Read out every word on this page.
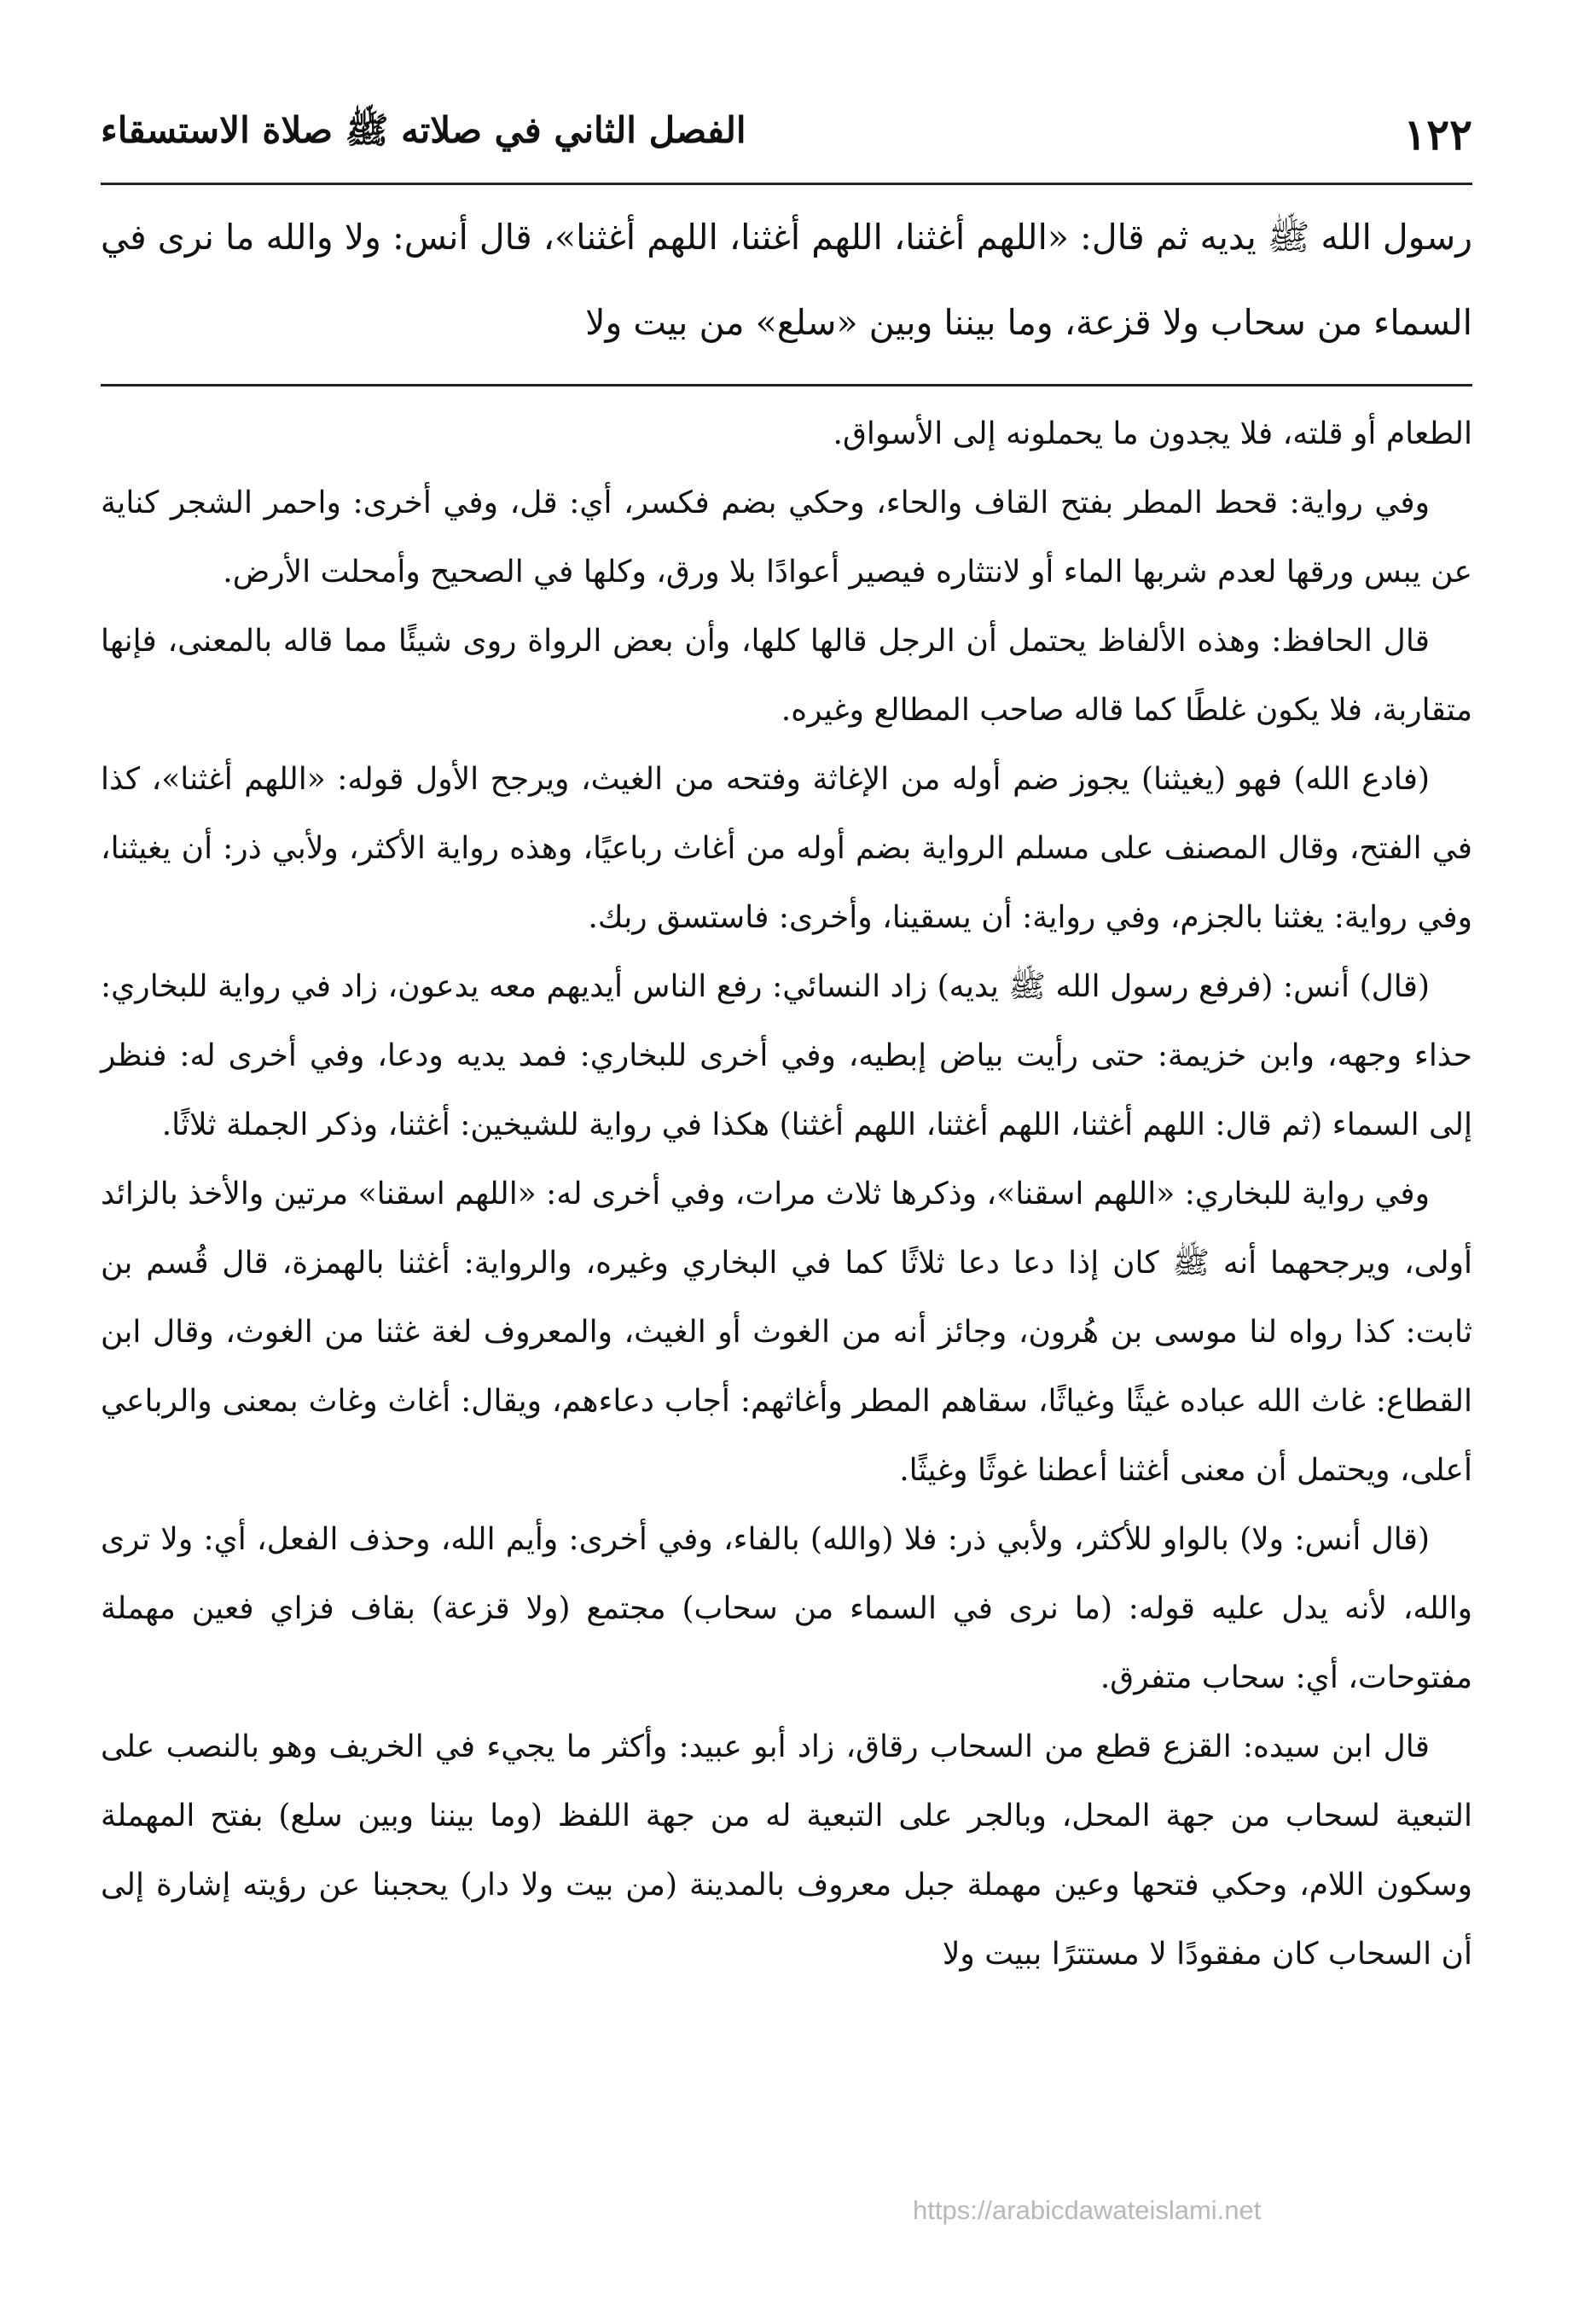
١٢٢
الفصل الثاني في صلاته ﷺ صلاة الاستسقاء
رسول الله ﷺ يديه ثم قال: «اللهم أغثنا، اللهم أغثنا، اللهم أغثنا»، قال أنس: ولا والله ما نرى في السماء من سحاب ولا قزعة، وما بيننا وبين «سلع» من بيت ولا

الطعام أو قلته، فلا يجدون ما يحملونه إلى الأسواق.

وفي رواية: قحط المطر بفتح القاف والحاء، وحكي بضم فكسر، أي: قل، وفي أخرى: واحمر الشجر كناية عن يبس ورقها لعدم شربها الماء أو لانتثاره فيصير أعوادًا بلا ورق، وكلها في الصحيح وأمحلت الأرض.

قال الحافظ: وهذه الألفاظ يحتمل أن الرجل قالها كلها، وأن بعض الرواة روى شيئًا مما قاله بالمعنى، فإنها متقاربة، فلا يكون غلطًا كما قاله صاحب المطالع وغيره.

(فادع الله) فهو (يغيثنا) يجوز ضم أوله من الإغاثة وفتحه من الغيث، ويرجح الأول قوله: «اللهم أغثنا»، كذا في الفتح، وقال المصنف على مسلم الرواية بضم أوله من أغاث رباعيًا، وهذه رواية الأكثر، ولأبي ذر: أن يغيثنا، وفي رواية: يغثنا بالجزم، وفي رواية: أن يسقينا، وأخرى: فاستسق ربك.

(قال) أنس: (فرفع رسول الله ﷺ يديه) زاد النسائي: رفع الناس أيديهم معه يدعون، زاد في رواية للبخاري: حذاء وجهه، وابن خزيمة: حتى رأيت بياض إبطيه، وفي أخرى للبخاري: فمد يديه ودعا، وفي أخرى له: فنظر إلى السماء (ثم قال: اللهم أغثنا، اللهم أغثنا، اللهم أغثنا) هكذا في رواية للشيخين: أغثنا، وذكر الجملة ثلاثًا.

وفي رواية للبخاري: «اللهم اسقنا»، وذكرها ثلاث مرات، وفي أخرى له: «اللهم اسقنا» مرتين والأخذ بالزائد أولى، ويرجحهما أنه ﷺ كان إذا دعا دعا ثلاثًا كما في البخاري وغيره، والرواية: أغثنا بالهمزة، قال قُسم بن ثابت: كذا رواه لنا موسى بن هُرون، وجائز أنه من الغوث أو الغيث، والمعروف لغة غثنا من الغوث، وقال ابن القطاع: غاث الله عباده غيثًا وغياثًا، سقاهم المطر وأغاثهم: أجاب دعاءهم، ويقال: أغاث وغاث بمعنى والرباعي أعلى، ويحتمل أن معنى أغثنا أعطنا غوثًا وغيثًا.

(قال أنس: ولا) بالواو للأكثر، ولأبي ذر: فلا (والله) بالفاء، وفي أخرى: وأيم الله، وحذف الفعل، أي: ولا ترى والله، لأنه يدل عليه قوله: (ما نرى في السماء من سحاب) مجتمع (ولا قزعة) بقاف فزاي فعين مهملة مفتوحات، أي: سحاب متفرق.

قال ابن سيده: القزع قطع من السحاب رقاق، زاد أبو عبيد: وأكثر ما يجيء في الخريف وهو بالنصب على التبعية لسحاب من جهة المحل، وبالجر على التبعية له من جهة اللفظ (وما بيننا وبين سلع) بفتح المهملة وسكون اللام، وحكي فتحها وعين مهملة جبل معروف بالمدينة (من بيت ولا دار) يحجبنا عن رؤيته إشارة إلى أن السحاب كان مفقودًا لا مستترًا ببيت ولا

https://arabicdawateislami.net
